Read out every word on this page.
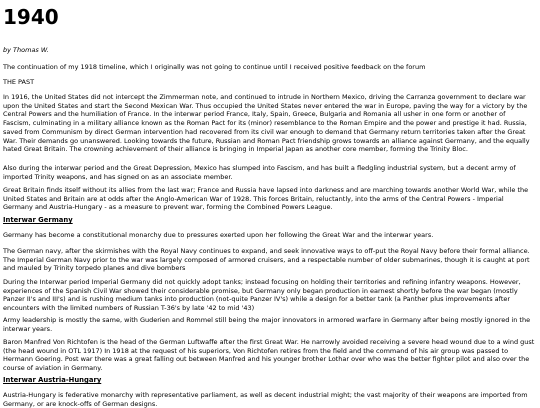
1940

by Thomas W.

The continuation of my 1918 timeline, which I originally was not going to continue until I received positive feedback on the forum

THE PAST

In 1916, the United States did not intercept the Zimmerman note, and continued to intrude in Northern Mexico, driving the Carranza government to declare war upon the United States and start the Second Mexican War. Thus occupied the United States never entered the war in Europe, paving the way for a victory by the Central Powers and the humiliation of France. In the interwar period France, Italy, Spain, Greece, Bulgaria and Romania all usher in one form or another of Fascism, culminating in a military alliance known as the Roman Pact for its (minor) resemblance to the Roman Empire and the power and prestige it had. Russia, saved from Communism by direct German intervention had recovered from its civil war enough to demand that Germany return territories taken after the Great War. Their demands go unanswered. Looking towards the future, Russian and Roman Pact friendship grows towards an alliance against Germany, and the equally hated Great Britain. The crowning achievement of their alliance is bringing in Imperial Japan as another core member, forming the Trinity Bloc.

Also during the interwar period and the Great Depression, Mexico has slumped into Fascism, and has built a fledgling industrial system, but a decent army of imported Trinity weapons, and has signed on as an associate member.

Great Britain finds itself without its allies from the last war; France and Russia have lapsed into darkness and are marching towards another World War, while the United States and Britain are at odds after the Anglo-American War of 1928. This forces Britain, reluctantly, into the arms of the Central Powers - Imperial Germany and Austria-Hungary - as a measure to prevent war, forming the Combined Powers League.

Interwar Germany

Germany has become a constitutional monarchy due to pressures exerted upon her following the Great War and the interwar years.

The German navy, after the skirmishes with the Royal Navy continues to expand, and seek innovative ways to off-put the Royal Navy before their formal alliance. The Imperial German Navy prior to the war was largely composed of armored cruisers, and a respectable number of older submarines, though it is caught at port and mauled by Trinity torpedo planes and dive bombers

During the Interwar period Imperial Germany did not quickly adopt tanks; instead focusing on holding their territories and refining infantry weapons. However, experiences of the Spanish Civil War showed their considerable promise, but Germany only began production in earnest shortly before the war began (mostly Panzer II's and III's) and is rushing medium tanks into production (not-quite Panzer IV's) while a design for a better tank (a Panther plus improvements after encounters with the limited numbers of Russian T-36's by late '42 to mid '43)

Army leadership is mostly the same, with Guderien and Rommel still being the major innovators in armored warfare in Germany after being mostly ignored in the interwar years.

Baron Manfred Von Richtofen is the head of the German Luftwaffe after the first Great War. He narrowly avoided receiving a severe head wound due to a wind gust (the head wound in OTL 1917) In 1918 at the request of his superiors, Von Richtofen retires from the field and the command of his air group was passed to Hermann Goering. Post war there was a great falling out between Manfred and his younger brother Lothar over who was the better fighter pilot and also over the course of aviation in Germany.

Interwar Austria-Hungary

Austria-Hungary is federative monarchy with representative parliament, as well as decent industrial might; the vast majority of their weapons are imported from Germany, or are knock-offs of German designs.
